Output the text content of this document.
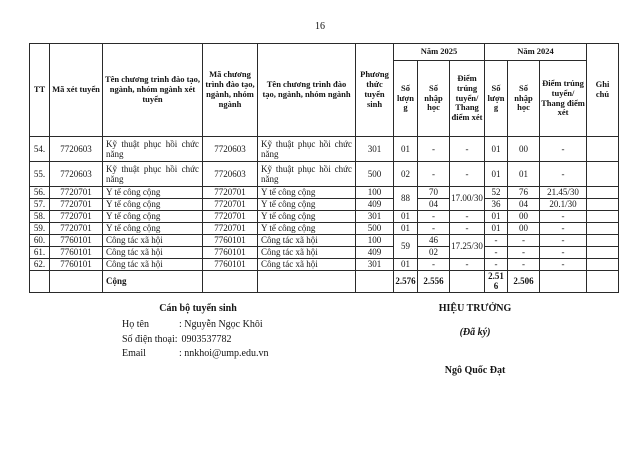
16
TT	Mã xét tuyển	Tên chương trình đào tạo, ngành, nhóm ngành xét tuyển	Mã chương trình đào tạo, ngành, nhóm ngành	Tên chương trình đào tạo, ngành, nhóm ngành	Phương thức tuyển sinh	Năm 2025			Năm 2024			Ghi chú
						Số lượng	Số nhập học	Điểm trúng tuyển/ Thang điểm xét	Số lượng	Số nhập học	Điểm trúng tuyển/ Thang điểm xét	
54.	7720603	Kỹ thuật phục hồi chức năng	7720603	Kỹ thuật phục hồi chức năng	301	01	-	-	01	00	-	
55.	7720603	Kỹ thuật phục hồi chức năng	7720603	Kỹ thuật phục hồi chức năng	500	02	-	-	01	01	-	
56.	7720701	Y tế công cộng	7720701	Y tế công cộng	100	88	70	17.00/30	52	76	21.45/30	
57.	7720701	Y tế công cộng	7720701	Y tế công cộng	409		04		36	04	20.1/30	
58.	7720701	Y tế công cộng	7720701	Y tế công cộng	301	01	-	-	01	00	-	
59.	7720701	Y tế công cộng	7720701	Y tế công cộng	500	01	-	-	01	00	-	
60.	7760101	Công tác xã hội	7760101	Công tác xã hội	100	59	46	17.25/30	-	-	-	
61.	7760101	Công tác xã hội	7760101	Công tác xã hội	409		02		-	-	-	
62.	7760101	Công tác xã hội	7760101	Công tác xã hội	301	01	-	-	-	-	-	
		Cộng				2.576	2.556		2.516	2.506		
Cán bộ tuyển sinh
Họ tên	: Nguyễn Ngọc Khôi
Số điện thoại: 0903537782
Email	: nnkhoi@ump.edu.vn
HIỆU TRƯỞNG
(Đã ký)
Ngô Quốc Đạt
